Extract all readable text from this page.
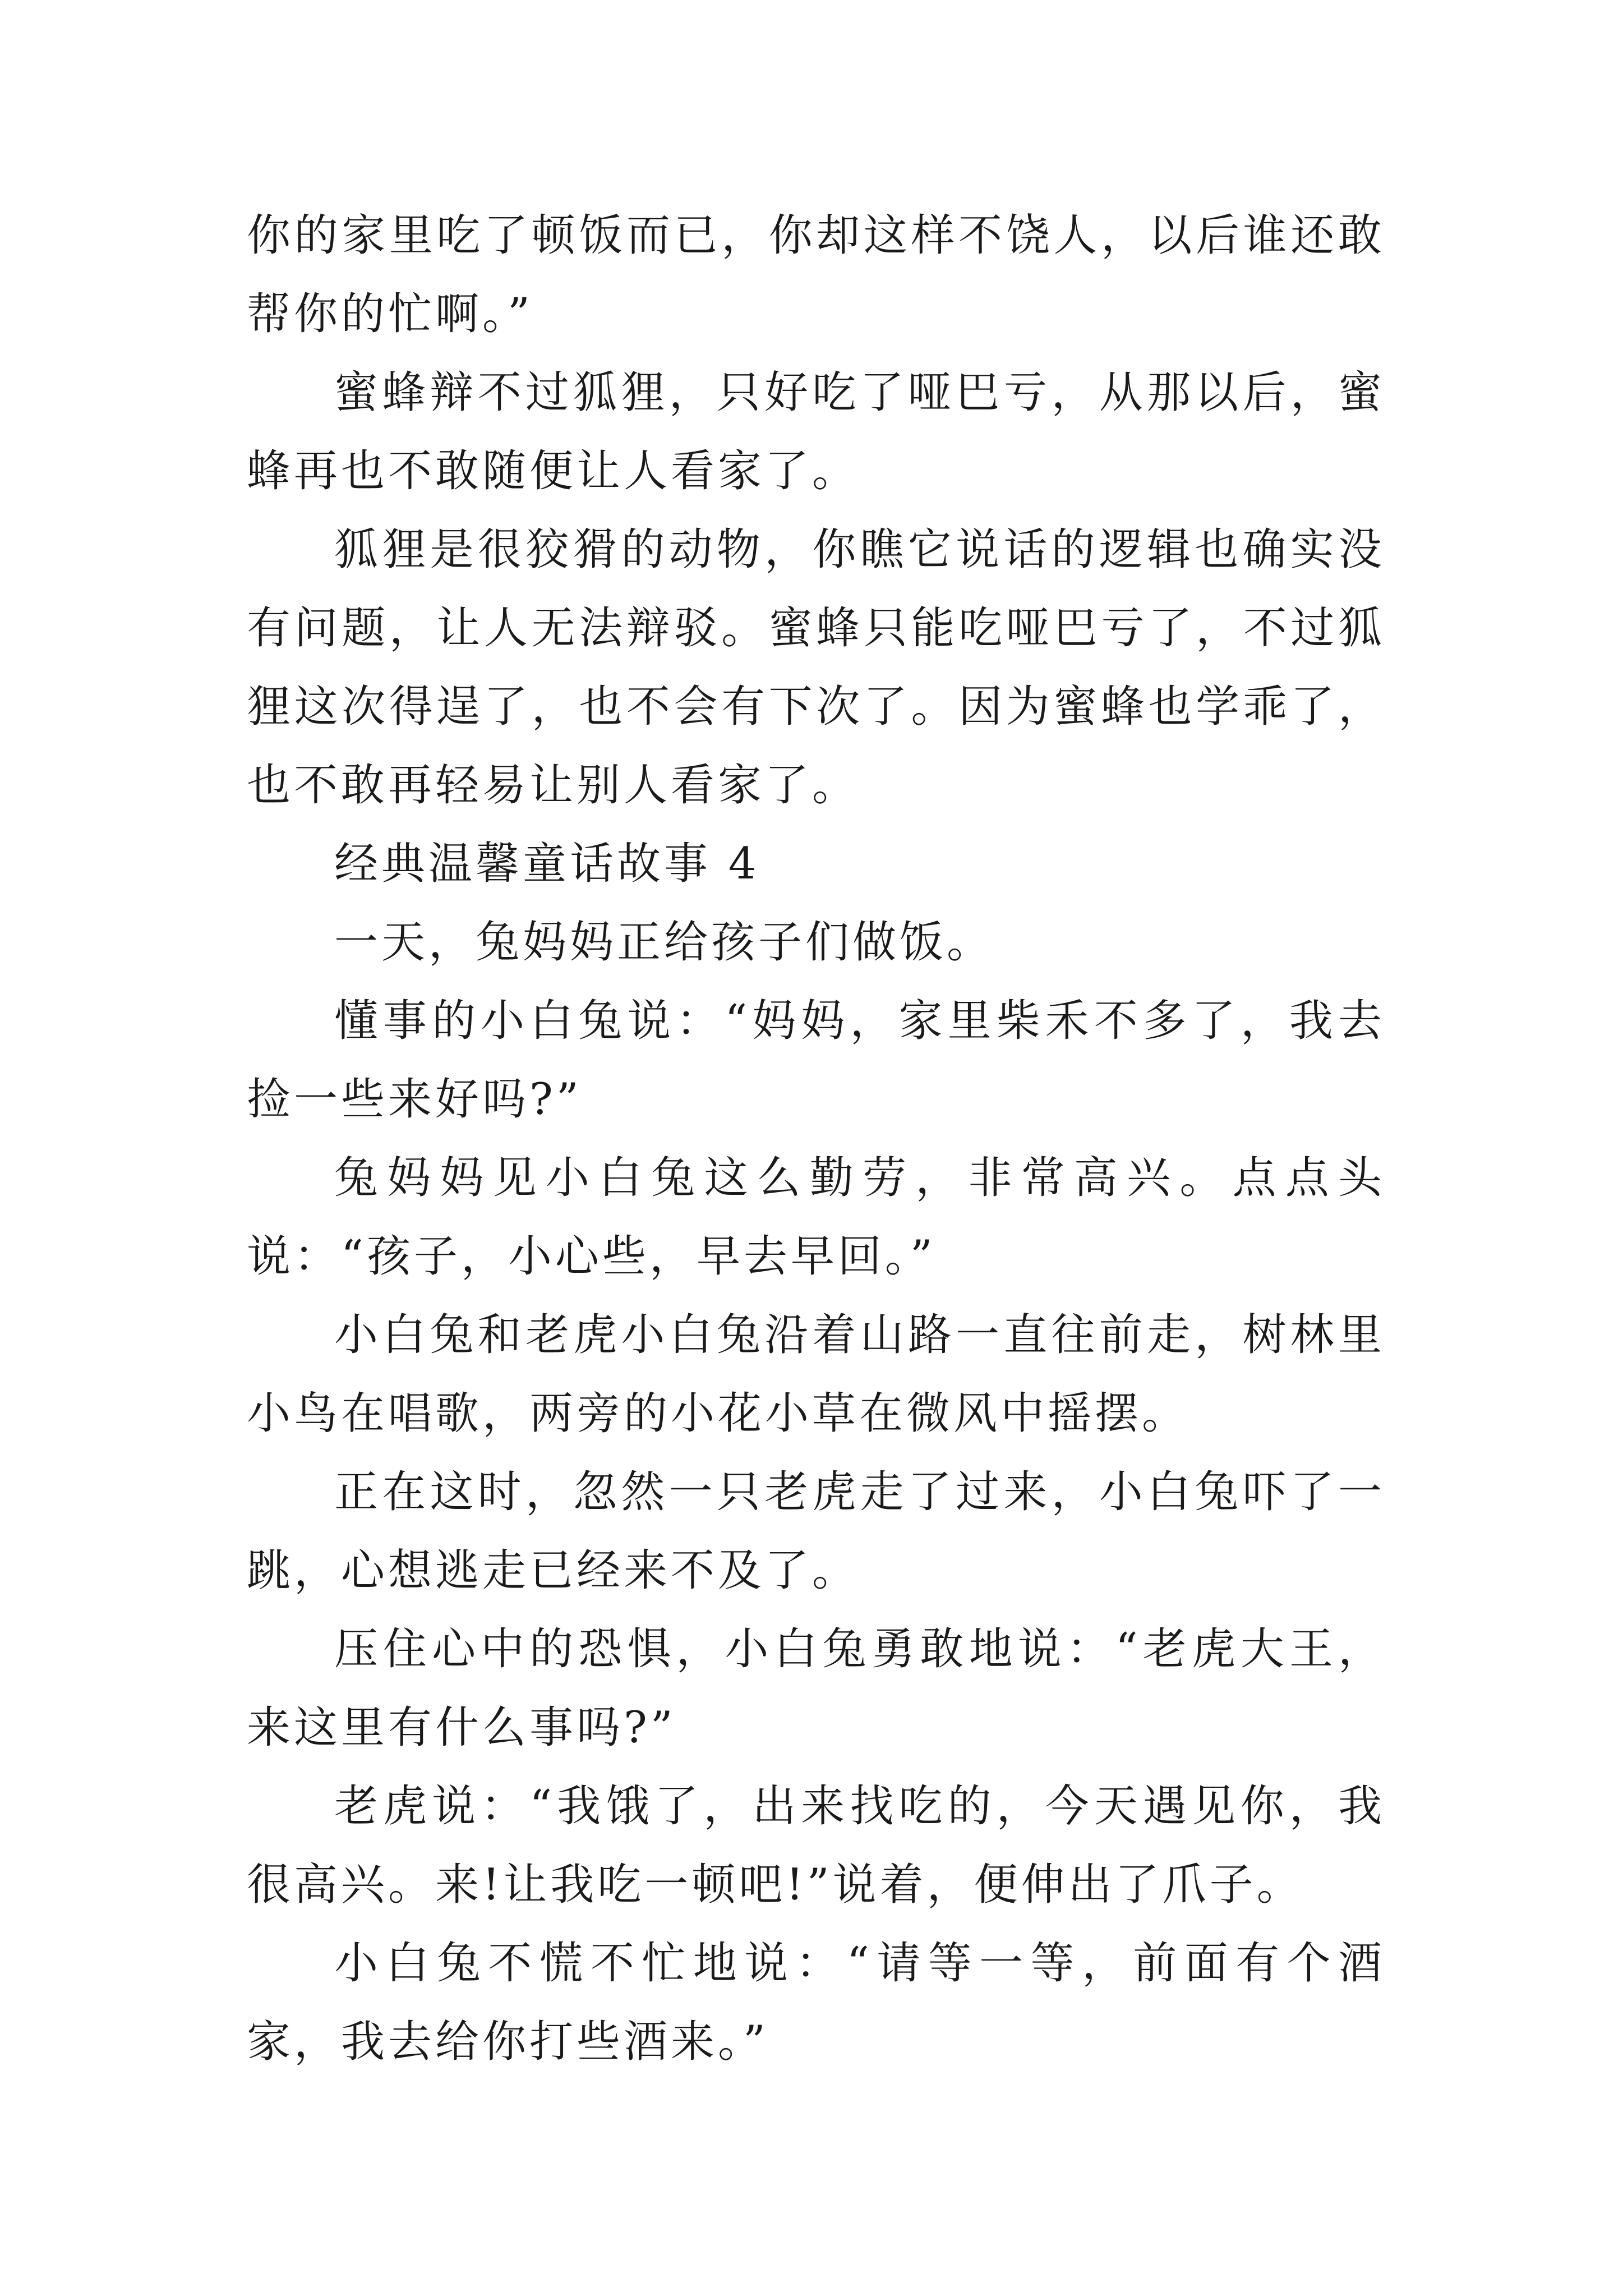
你的家里吃了顿饭而已，你却这样不饶人，以后谁还敢帮你的忙啊。”

蜜蜂辩不过狐狸，只好吃了哑巴亏，从那以后，蜜蜂再也不敢随便让人看家了。

狐狸是很狡猾的动物，你瞧它说话的逻辑也确实没有问题，让人无法辩驳。蜜蜂只能吃哑巴亏了，不过狐狸这次得逞了，也不会有下次了。因为蜜蜂也学乖了，也不敢再轻易让别人看家了。

经典温馨童话故事 4

一天，兔妈妈正给孩子们做饭。

懂事的小白兔说：“妈妈，家里柴禾不多了，我去捡一些来好吗?”

兔妈妈见小白兔这么勤劳，非常高兴。点点头说：“孩子，小心些，早去早回。”

小白兔和老虎小白兔沿着山路一直往前走，树林里小鸟在唱歌，两旁的小花小草在微风中摇摆。

正在这时，忽然一只老虎走了过来，小白兔吓了一跳，心想逃走已经来不及了。

压住心中的恐惧，小白兔勇敢地说：“老虎大王，来这里有什么事吗?”

老虎说：“我饿了，出来找吃的，今天遇见你，我很高兴。来!让我吃一顿吧!”说着，便伸出了爪子。

小白兔不慌不忙地说：“请等一等，前面有个酒家，我去给你打些酒来。”
